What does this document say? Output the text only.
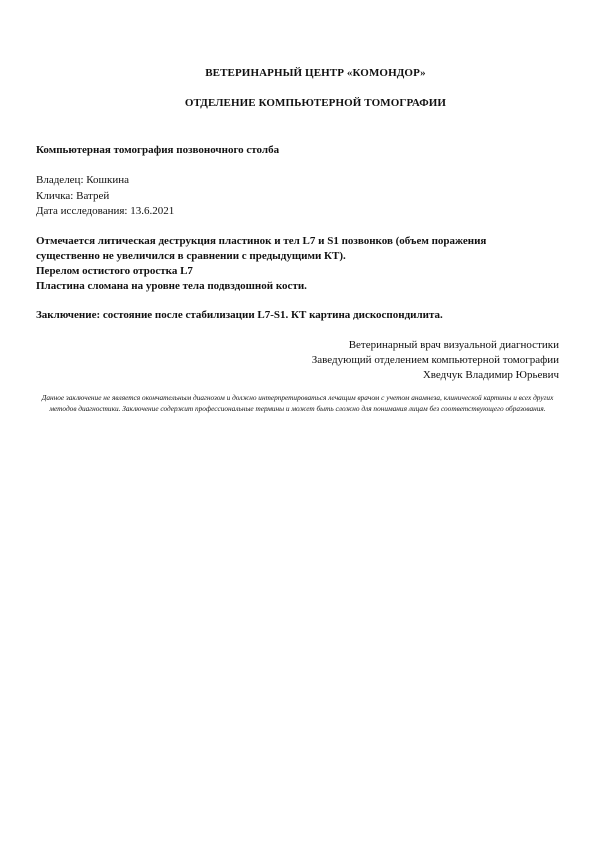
ВЕТЕРИНАРНЫЙ ЦЕНТР «КОМОНДОР»
ОТДЕЛЕНИЕ КОМПЬЮТЕРНОЙ ТОМОГРАФИИ
Компьютерная томография позвоночного столба
Владелец: Кошкина
Кличка: Ватрей
Дата исследования: 13.6.2021
Отмечается литическая деструкция пластинок и тел L7 и S1 позвонков (объем поражения
существенно не увеличился в сравнении с предыдущими КТ).
Перелом остистого отростка L7
Пластина сломана на уровне тела подвздошной кости.
Заключение: состояние после стабилизации L7-S1. КТ картина дискоспондилита.
Ветеринарный врач визуальной диагностики
Заведующий отделением компьютерной томографии
Хведчук Владимир Юрьевич
Данное заключение не является окончательным диагнозом и должно интерпретироваться лечащим врачом с учетом анамнеза, клинической картины и всех других методов диагностики. Заключение содержит профессиональные термины и может быть сложно для понимания лицам без соответствующего образования.
